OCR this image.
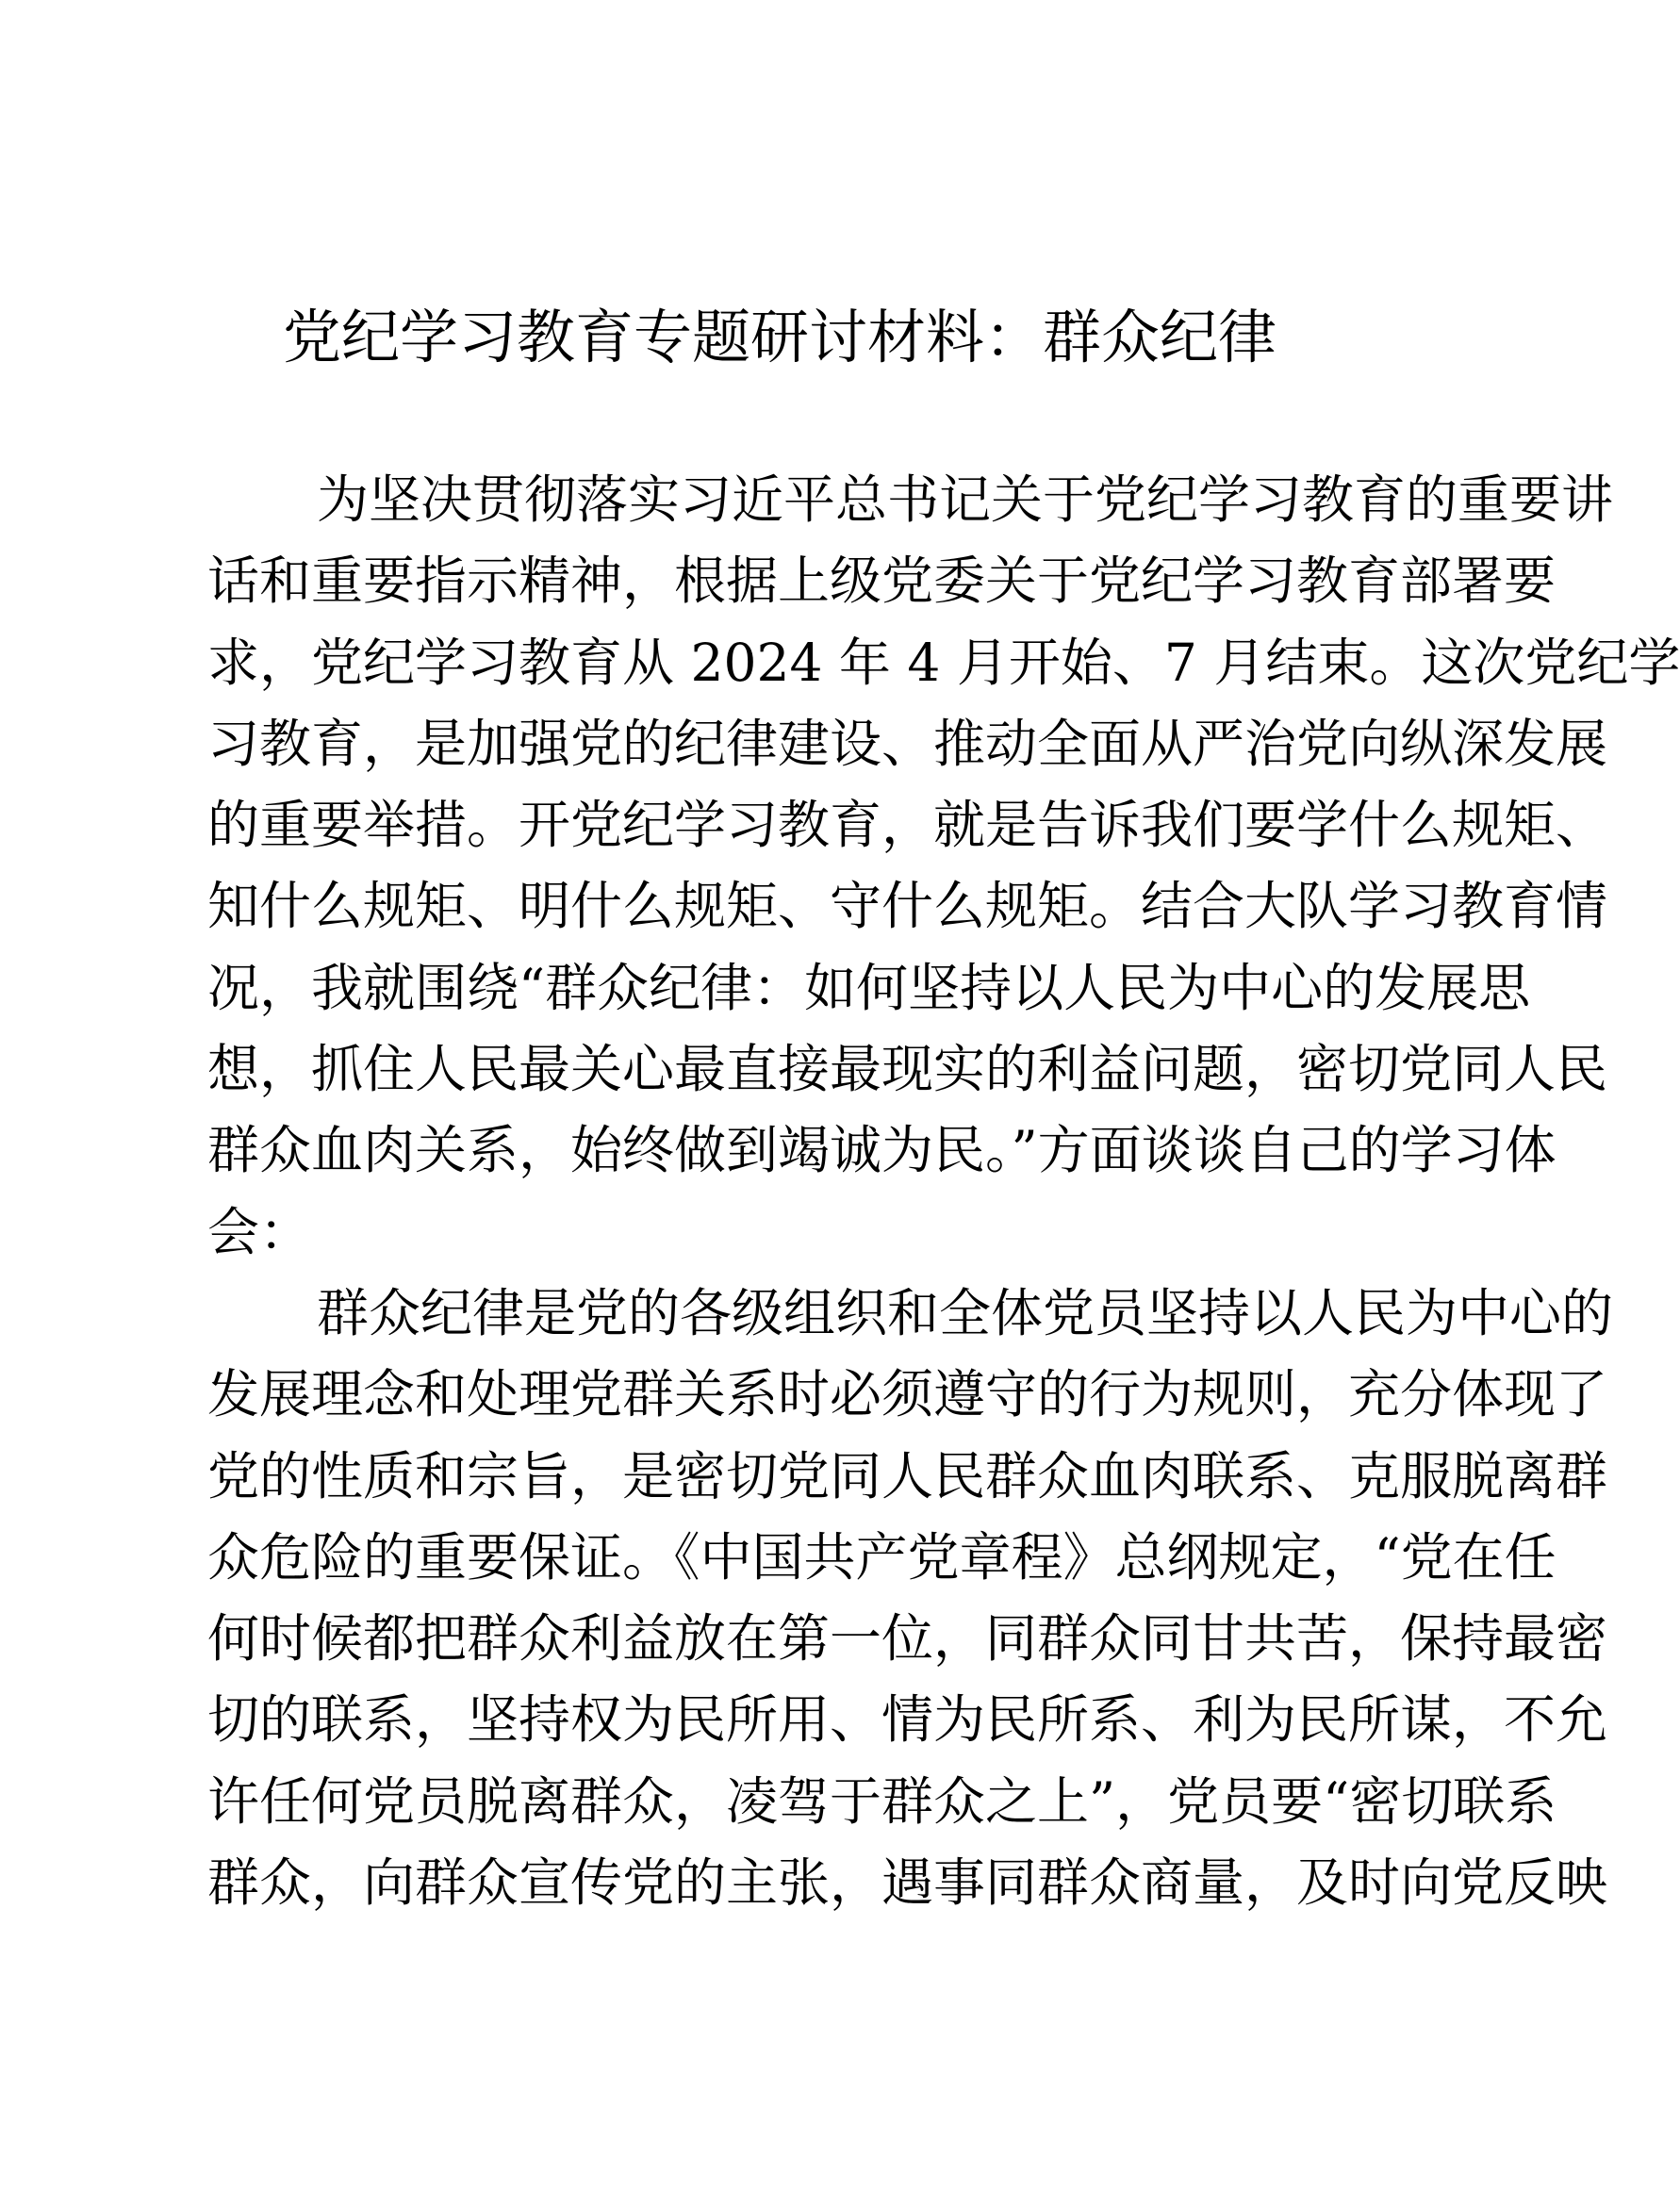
党纪学习教育专题研讨材料：群众纪律
为坚决贯彻落实习近平总书记关于党纪学习教育的重要讲
话和重要指示精神，根据上级党委关于党纪学习教育部署要
求，党纪学习教育从 2024 年 4 月开始、7 月结束。这次党纪学
习教育，是加强党的纪律建设、推动全面从严治党向纵深发展
的重要举措。开党纪学习教育，就是告诉我们要学什么规矩、
知什么规矩、明什么规矩、守什么规矩。结合大队学习教育情
况，我就围绕“群众纪律：如何坚持以人民为中心的发展思
想，抓住人民最关心最直接最现实的利益问题，密切党同人民
群众血肉关系，始终做到竭诚为民。”方面谈谈自己的学习体
会：
群众纪律是党的各级组织和全体党员坚持以人民为中心的
发展理念和处理党群关系时必须遵守的行为规则，充分体现了
党的性质和宗旨，是密切党同人民群众血肉联系、克服脱离群
众危险的重要保证。《中国共产党章程》总纲规定，“党在任
何时候都把群众利益放在第一位，同群众同甘共苦，保持最密
切的联系，坚持权为民所用、情为民所系、利为民所谋，不允
许任何党员脱离群众，凌驾于群众之上”，党员要“密切联系
群众，向群众宣传党的主张，遇事同群众商量，及时向党反映
